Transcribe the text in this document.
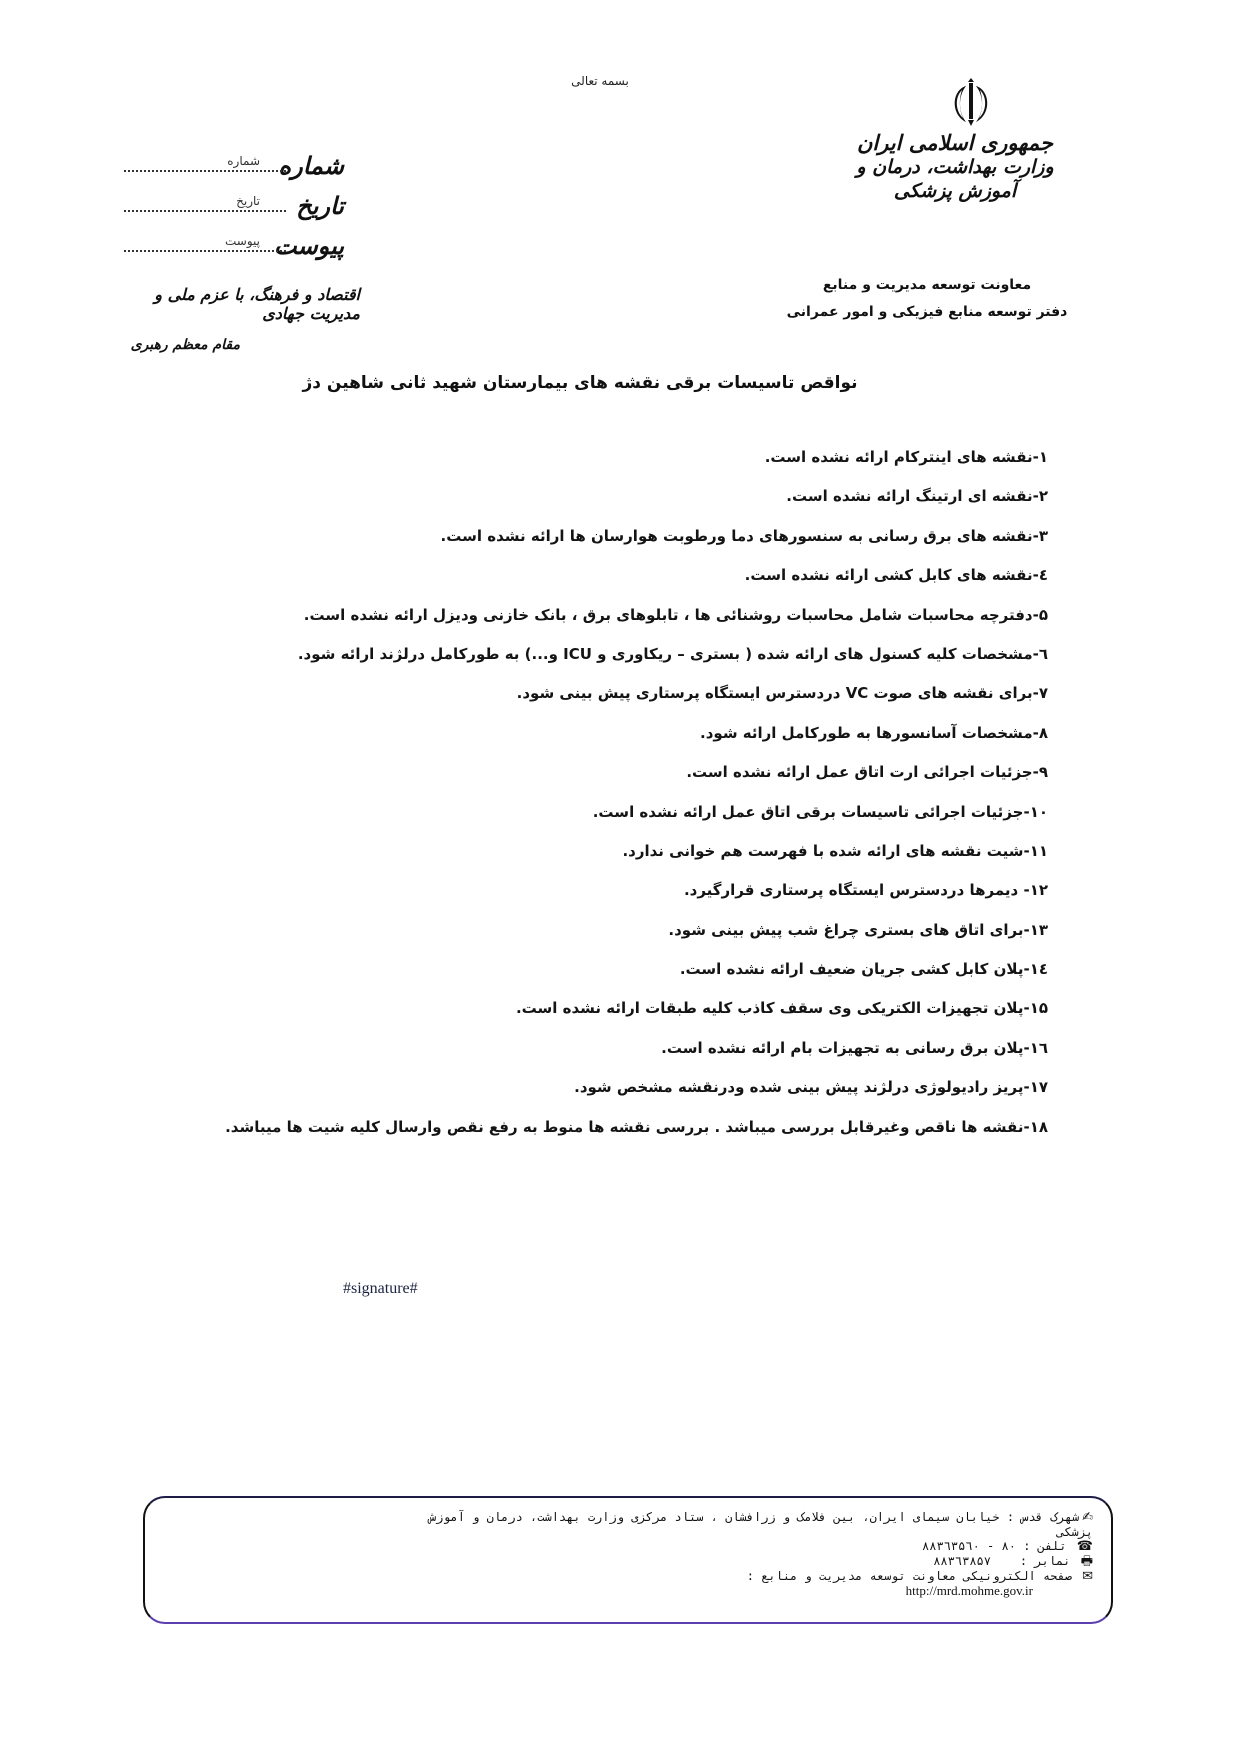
بسمه تعالی
جمهوری اسلامی ایران
وزارت بهداشت، درمان و آموزش پزشکی
معاونت توسعه مدیریت و منابع
دفتر توسعه منابع فیزیکی و امور عمرانی
شماره
شماره
تاریخ
تاریخ
پیوست
پیوست
اقتصاد و فرهنگ، با عزم ملی و مدیریت جهادی
مقام معظم رهبری
نواقص تاسیسات برقی نقشه های بیمارستان شهید ثانی شاهین دژ
۱-نقشه های اینترکام ارائه نشده است.
۲-نقشه ای ارتینگ ارائه نشده است.
۳-نقشه های برق رسانی به سنسورهای دما ورطوبت هوارسان ها ارائه نشده است.
٤-نقشه های کابل کشی ارائه نشده است.
۵-دفترچه محاسبات شامل محاسبات روشنائی ها ، تابلوهای برق ، بانک خازنی ودیزل ارائه نشده است.
٦-مشخصات کلیه کسنول های ارائه شده ( بستری – ریکاوری و ICU و...) به طورکامل درلژند ارائه شود.
۷-برای نقشه های صوت VC دردسترس ایستگاه پرستاری پیش بینی شود.
۸-مشخصات آسانسورها به طورکامل ارائه شود.
۹-جزئیات اجرائی ارت اتاق عمل ارائه نشده است.
۱۰-جزئیات اجرائی تاسیسات برقی اتاق عمل ارائه نشده است.
۱۱-شیت نقشه های ارائه شده با فهرست هم خوانی ندارد.
۱۲- دیمرها دردسترس ایستگاه پرستاری قرارگیرد.
۱۳-برای اتاق های بستری چراغ شب پیش بینی شود.
۱٤-پلان کابل کشی جریان ضعیف ارائه نشده است.
۱۵-پلان تجهیزات الکتریکی وی سقف کاذب کلیه طبقات ارائه نشده است.
۱٦-پلان برق رسانی به تجهیزات بام ارائه نشده است.
۱۷-پریز رادیولوژی درلژند پیش بینی شده ودرنقشه مشخص شود.
۱۸-نقشه ها ناقص وغیرقابل بررسی میباشد . بررسی نقشه ها منوط به رفع نقص وارسال کلیه شیت ها میباشد.
#signature#
✍شهرک قدس : خیابان سیمای ایران، بین فلامک و زرافشان ، ستاد مرکزی وزارت بهداشت، درمان و آموزش
پزشکی
☎ تلفن : ۸۰ - ۸۸۳٦۳۵٦۰
🖶 نمابر :    ۸۸۳٦۳۸۵۷
✉ صفحه الکترونیکی معاونت توسعه مدیریت و منابع :
http://mrd.mohme.gov.ir
